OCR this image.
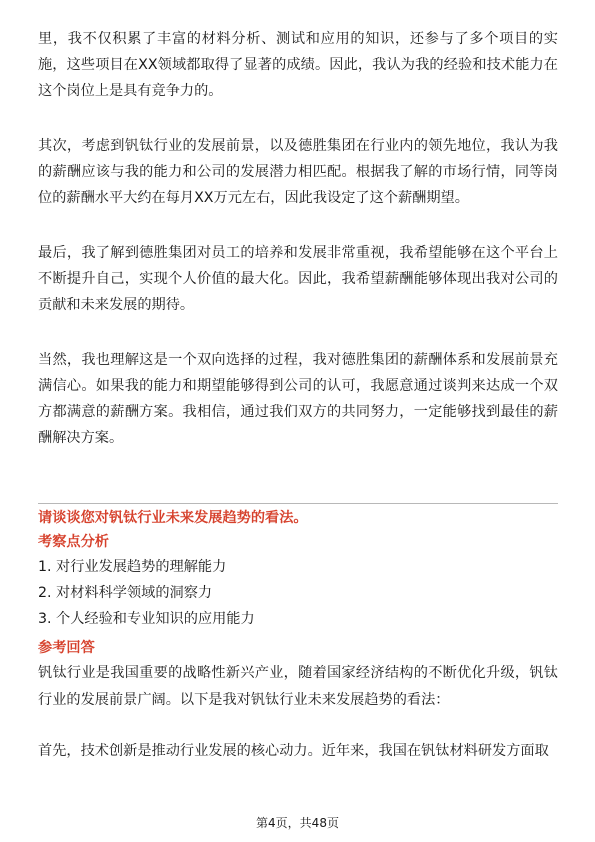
里，我不仅积累了丰富的材料分析、测试和应用的知识，还参与了多个项目的实施，这些项目在XX领域都取得了显著的成绩。因此，我认为我的经验和技术能力在这个岗位上是具有竞争力的。

其次，考虑到钒钛行业的发展前景，以及德胜集团在行业内的领先地位，我认为我的薪酬应该与我的能力和公司的发展潜力相匹配。根据我了解的市场行情，同等岗位的薪酬水平大约在每月XX万元左右，因此我设定了这个薪酬期望。

最后，我了解到德胜集团对员工的培养和发展非常重视，我希望能够在这个平台上不断提升自己，实现个人价值的最大化。因此，我希望薪酬能够体现出我对公司的贡献和未来发展的期待。

当然，我也理解这是一个双向选择的过程，我对德胜集团的薪酬体系和发展前景充满信心。如果我的能力和期望能够得到公司的认可，我愿意通过谈判来达成一个双方都满意的薪酬方案。我相信，通过我们双方的共同努力，一定能够找到最佳的薪酬解决方案。

请谈谈您对钒钛行业未来发展趋势的看法。

考察点分析

1. 对行业发展趋势的理解能力

2. 对材料科学领域的洞察力

3. 个人经验和专业知识的应用能力

参考回答

钒钛行业是我国重要的战略性新兴产业，随着国家经济结构的不断优化升级，钒钛行业的发展前景广阔。以下是我对钒钛行业未来发展趋势的看法：

首先，技术创新是推动行业发展的核心动力。近年来，我国在钒钛材料研发方面取

第4页，共48页
